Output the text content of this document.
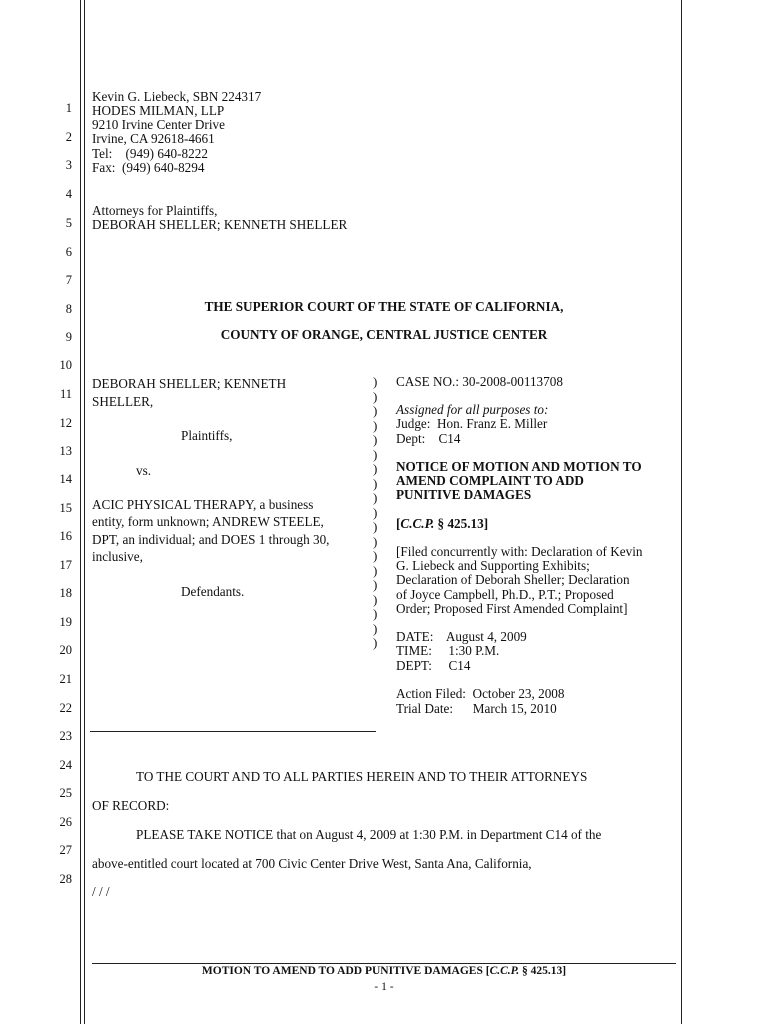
1
2
3
4
5
6
7
8
9
10
11
12
13
14
15
16
17
18
19
20
21
22
23
24
25
26
27
28
Kevin G. Liebeck, SBN 224317
HODES MILMAN, LLP
9210 Irvine Center Drive
Irvine, CA 92618-4661
Tel:    (949) 640-8222
Fax:  (949) 640-8294
Attorneys for Plaintiffs,
DEBORAH SHELLER; KENNETH SHELLER
THE SUPERIOR COURT OF THE STATE OF CALIFORNIA,
COUNTY OF ORANGE, CENTRAL JUSTICE CENTER
DEBORAH SHELLER; KENNETH
SHELLER,
Plaintiffs,
vs.
ACIC PHYSICAL THERAPY, a business
entity, form unknown; ANDREW STEELE,
DPT, an individual; and DOES 1 through 30,
inclusive,
Defendants.
)
)
)
)
)
)
)
)
)
)
)
)
)
)
)
)
)
)
)

CASE NO.: 30-2008-00113708
Assigned for all purposes to:
Judge:  Hon. Franz E. Miller
Dept:    C14
NOTICE OF MOTION AND MOTION TO
AMEND COMPLAINT TO ADD
PUNITIVE DAMAGES
[C.C.P. § 425.13]
[Filed concurrently with: Declaration of Kevin
G. Liebeck and Supporting Exhibits;
Declaration of Deborah Sheller; Declaration
of Joyce Campbell, Ph.D., P.T.; Proposed
Order; Proposed First Amended Complaint]
DATE:    August 4, 2009
TIME:     1:30 P.M.
DEPT:     C14
Action Filed:  October 23, 2008
Trial Date:      March 15, 2010
TO THE COURT AND TO ALL PARTIES HEREIN AND TO THEIR ATTORNEYS
OF RECORD:
PLEASE TAKE NOTICE that on August 4, 2009 at 1:30 P.M. in Department C14 of the
above-entitled court located at 700 Civic Center Drive West, Santa Ana, California,
/ / /
MOTION TO AMEND TO ADD PUNITIVE DAMAGES [C.C.P. § 425.13]
- 1 -
